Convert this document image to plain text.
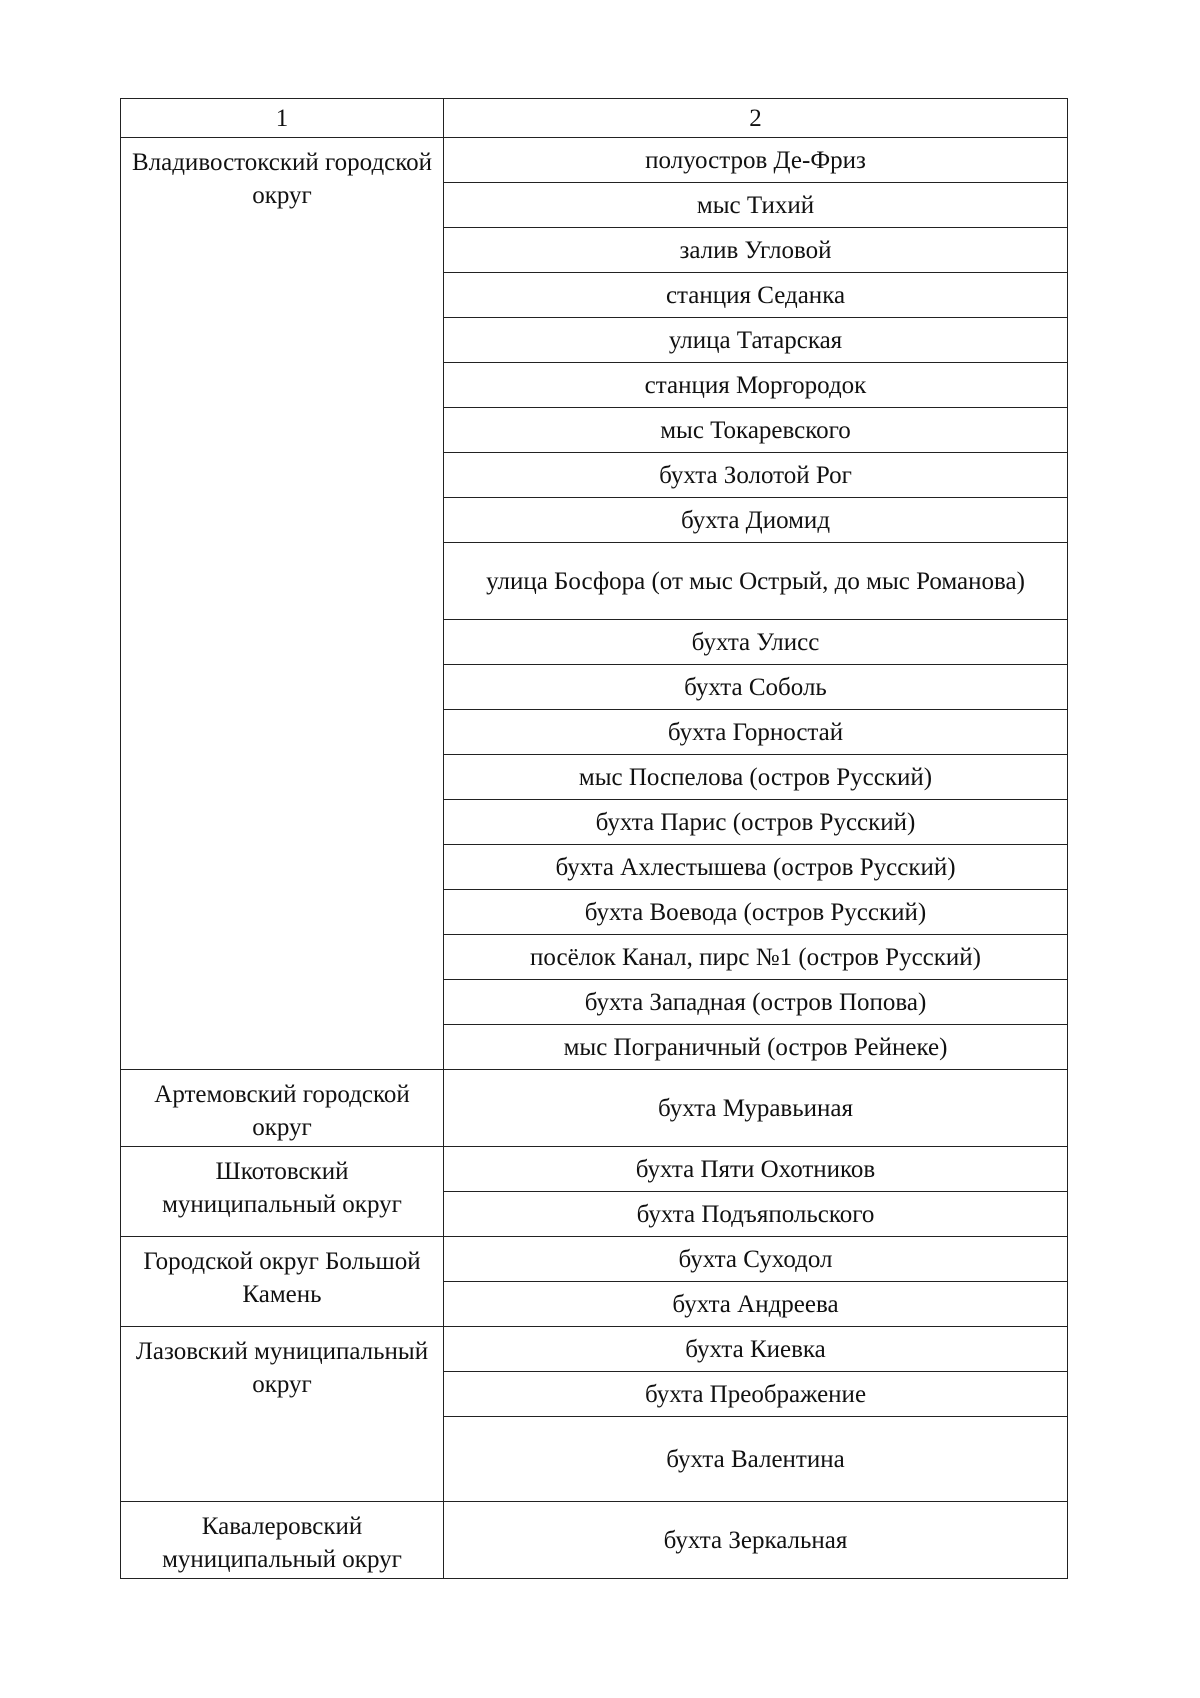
1	2
Владивостокский городской округ	полуостров Де-Фриз
	мыс Тихий
	залив Угловой
	станция Седанка
	улица Татарская
	станция Моргородок
	мыс Токаревского
	бухта Золотой Рог
	бухта Диомид
	улица Босфора (от мыс Острый, до мыс Романова)
	бухта Улисс
	бухта Соболь
	бухта Горностай
	мыс Поспелова (остров Русский)
	бухта Парис (остров Русский)
	бухта Ахлестышева (остров Русский)
	бухта Воевода (остров Русский)
	посёлок Канал, пирс №1 (остров Русский)
	бухта Западная (остров Попова)
	мыс Пограничный (остров Рейнеке)
Артемовский городской округ	бухта Муравьиная
Шкотовский муниципальный округ	бухта Пяти Охотников
	бухта Подъяпольского
Городской округ Большой Камень	бухта Суходол
	бухта Андреева
Лазовский муниципальный округ	бухта Киевка
	бухта Преображение
	бухта Валентина
Кавалеровский муниципальный округ	бухта Зеркальная
